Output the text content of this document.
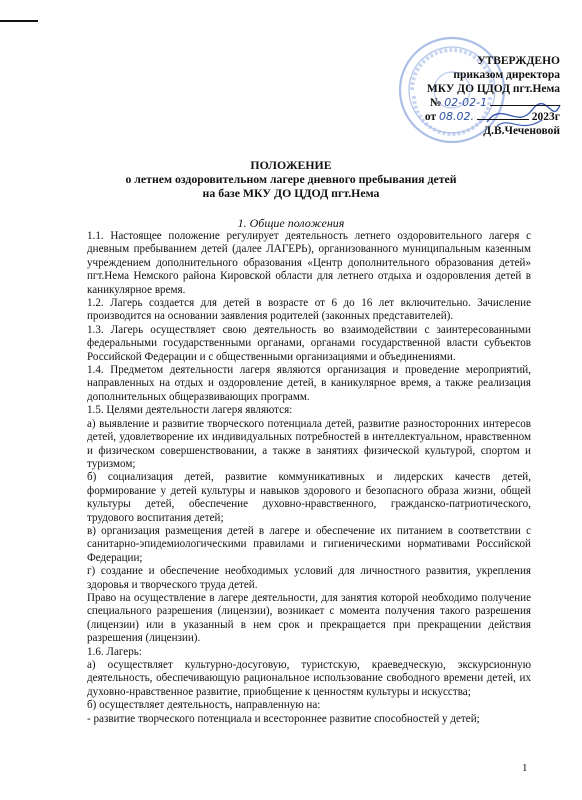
УТВЕРЖДЕНО
приказом директора
МКУ ДО ЦДОД пгт.Нема
№ 02-02-1
от 08.02.	2023г
Д.В.Чеченовой
ПОЛОЖЕНИЕ
о летнем оздоровительном лагере дневного пребывания детей
на базе МКУ ДО ЦДОД пгт.Нема
1. Общие положения

1.1. Настоящее положение регулирует деятельность летнего оздоровительного лагеря с дневным пребыванием детей (далее ЛАГЕРЬ), организованного муниципальным казенным учреждением дополнительного образования «Центр дополнительного образования детей» пгт.Нема Немского района Кировской области для летнего отдыха и оздоровления детей в каникулярное время.

1.2. Лагерь создается для детей в возрасте от 6 до 16 лет включительно. Зачисление производится на основании заявления родителей (законных представителей).

1.3. Лагерь осуществляет свою деятельность во взаимодействии с заинтересованными федеральными государственными органами, органами государственной власти субъектов Российской Федерации и с общественными организациями и объединениями.

1.4. Предметом деятельности лагеря являются организация и проведение мероприятий, направленных на отдых и оздоровление детей, в каникулярное время, а также реализация дополнительных общеразвивающих программ.

1.5. Целями деятельности лагеря являются:

а) выявление и развитие творческого потенциала детей, развитие разносторонних интересов детей, удовлетворение их индивидуальных потребностей в интеллектуальном, нравственном и физическом совершенствовании, а также в занятиях физической культурой, спортом и туризмом;

б) социализация детей, развитие коммуникативных и лидерских качеств детей, формирование у детей культуры и навыков здорового и безопасного образа жизни, общей культуры детей, обеспечение духовно-нравственного, гражданско-патриотического, трудового воспитания детей;

в) организация размещения детей в лагере и обеспечение их питанием в соответствии с санитарно-эпидемиологическими правилами и гигиеническими нормативами Российской Федерации;

г) создание и обеспечение необходимых условий для личностного развития, укрепления здоровья и творческого труда детей.

Право на осуществление в лагере деятельности, для занятия которой необходимо получение специального разрешения (лицензии), возникает с момента получения такого разрешения (лицензии) или в указанный в нем срок и прекращается при прекращении действия разрешения (лицензии).

1.6. Лагерь:

а) осуществляет культурно-досуговую, туристскую, краеведческую, экскурсионную деятельность, обеспечивающую рациональное использование свободного времени детей, их духовно-нравственное развитие, приобщение к ценностям культуры и искусства;

б) осуществляет деятельность, направленную на:

- развитие творческого потенциала и всестороннее развитие способностей у детей;

1
